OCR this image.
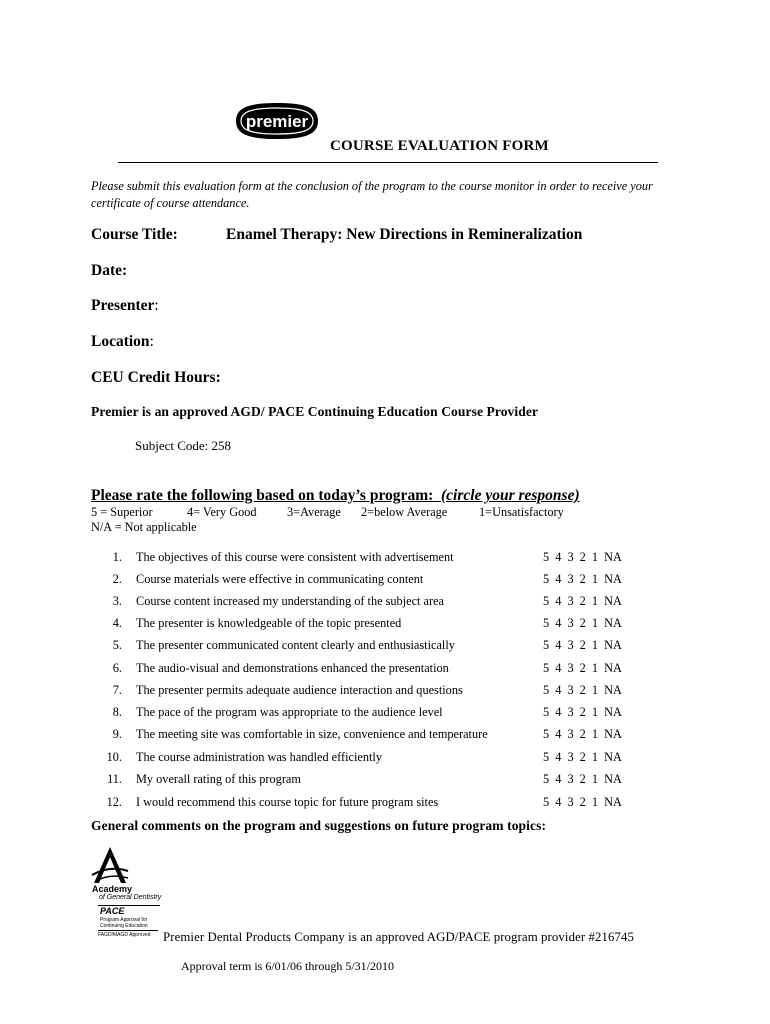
premier
COURSE EVALUATION FORM
Please submit this evaluation form at the conclusion of the program to the course monitor in order to receive your certificate of course attendance.
Course Title:	Enamel Therapy: New Directions in Remineralization
Date:
Presenter:
Location:
CEU Credit Hours:
Premier is an approved AGD/ PACE Continuing Education Course Provider
Subject Code: 258
Please rate the following based on today’s program: (circle your response)
5 = Superior	4= Very Good 3=Average 2=below Average	1=Unsatisfactory
N/A = Not applicable
1. The objectives of this course were consistent with advertisement	5 4 3 2 1 NA
2. Course materials were effective in communicating content	5 4 3 2 1 NA
3. Course content increased my understanding of the subject area	5 4 3 2 1 NA
4. The presenter is knowledgeable of the topic presented	5 4 3 2 1 NA
5. The presenter communicated content clearly and enthusiastically	5 4 3 2 1 NA
6. The audio-visual and demonstrations enhanced the presentation	5 4 3 2 1 NA
7. The presenter permits adequate audience interaction and questions	5 4 3 2 1 NA
8. The pace of the program was appropriate to the audience level	5 4 3 2 1 NA
9. The meeting site was comfortable in size, convenience and temperature	5 4 3 2 1 NA
10. The course administration was handled efficiently	5 4 3 2 1 NA
11. My overall rating of this program	5 4 3 2 1 NA
12. I would recommend this course topic for future program sites	5 4 3 2 1 NA
General comments on the program and suggestions on future program topics:
Academy
of General Dentistry
PACE
Program Approval for
Continuing Education
FAGD/MAGD Approved Premier Dental Products Company is an approved AGD/PACE program provider #216745
Approval term is 6/01/06 through 5/31/2010
